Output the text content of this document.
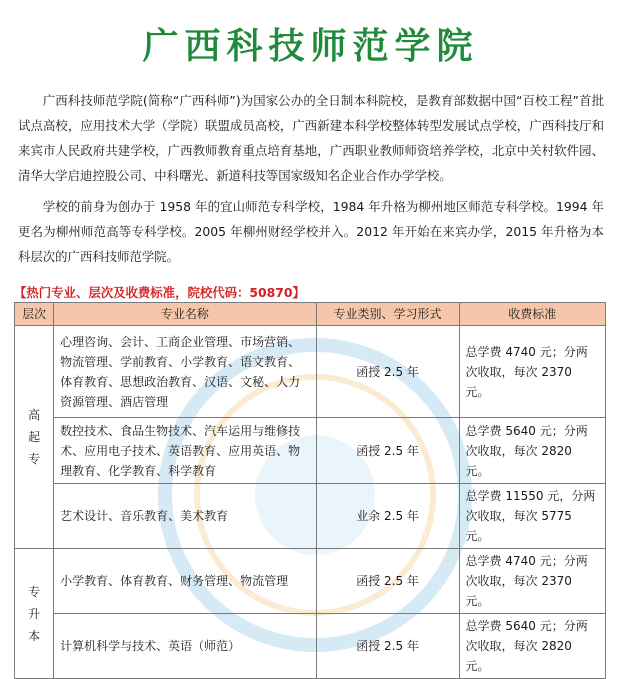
广西科技师范学院

广西科技师范学院(简称“广西科师”)为国家公办的全日制本科院校，是教育部数据中国“百校工程”首批试点高校，应用技术大学（学院）联盟成员高校，广西新建本科学校整体转型发展试点学校，广西科技厅和来宾市人民政府共建学校，广西教师教育重点培育基地，广西职业教师师资培养学校，北京中关村软件园、清华大学启迪控股公司、中科曙光、新道科技等国家级知名企业合作办学学校。

学校的前身为创办于 1958 年的宜山师范专科学校，1984 年升格为柳州地区师范专科学校。1994 年更名为柳州师范高等专科学校。2005 年柳州财经学校并入。2012 年开始在来宾办学，2015 年升格为本科层次的广西科技师范学院。

【热门专业、层次及收费标准，院校代码：50870】
层次	专业名称	专业类别、学习形式	收费标准
高起专	心理咨询、会计、工商企业管理、市场营销、物流管理、学前教育、小学教育、语文教育、体育教育、思想政治教育、汉语、文秘、人力资源管理、酒店管理	函授 2.5 年	总学费 4740 元；分两次收取，每次 2370 元。
	数控技术、食品生物技术、汽车运用与维修技术、应用电子技术、英语教育、应用英语、物理教育、化学教育、科学教育	函授 2.5 年	总学费 5640 元；分两次收取，每次 2820 元。
	艺术设计、音乐教育、美术教育	业余 2.5 年	总学费 11550 元，分两次收取，每次 5775 元。
专升本	小学教育、体育教育、财务管理、物流管理	函授 2.5 年	总学费 4740 元；分两次收取，每次 2370 元。
	计算机科学与技术、英语（师范）	函授 2.5 年	总学费 5640 元；分两次收取，每次 2820 元。
